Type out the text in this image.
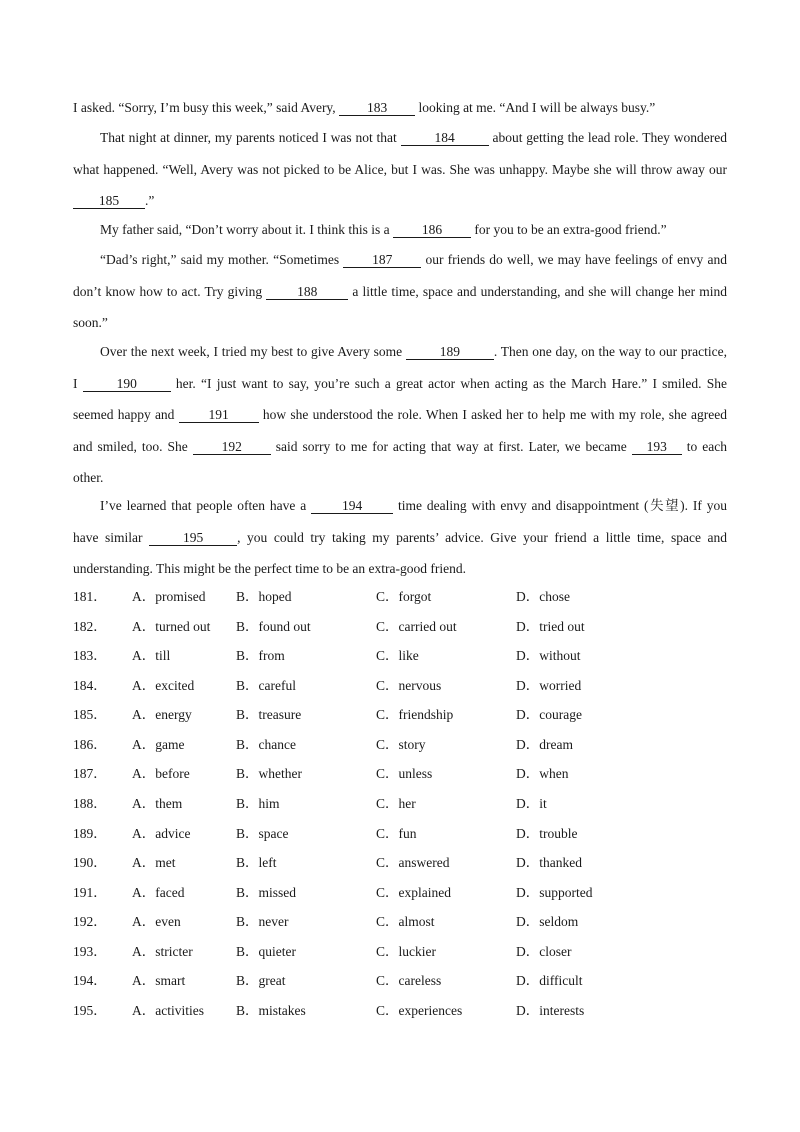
I asked. “Sorry, I’m busy this week,” said Avery, 183 looking at me. “And I will be always busy.”

That night at dinner, my parents noticed I was not that	184	about getting the lead role. They wondered what happened. “Well, Avery was not picked to be Alice, but I was. She was unhappy. Maybe she will throw away our 185 .”

My father said, “Don’t worry about it. I think this is a 186 for you to be an extra-good friend.”

“Dad’s right,” said my mother. “Sometimes 187 our friends do well, we may have feelings of envy and don’t know how to act. Try giving 188 a little time, space and understanding, and she will change her mind soon.”

Over the next week, I tried my best to give Avery some	189	. Then one day, on the way to our practice, I	190	her. “I just want to say, you’re such a great actor when acting as the March Hare.” I smiled. She seemed happy and 191 how she understood the role. When I asked her to help me with my role, she agreed and smiled, too. She 192 said sorry to me for acting that way at first. Later, we became 193 to each other.

I’ve learned that people often have a 194 time dealing with envy and disappointment (失望). If you have similar	195	, you could try taking my parents’ advice. Give your friend a little time, space and understanding. This might be the perfect time to be an extra-good friend.

181． A．promised B．hoped	C．forgot	D．chose
182． A．turned out B．found out	C．carried out	D．tried out
183． A．till	B．from	C．like	D．without
184． A．excited	B．careful	C．nervous	D．worried
185． A．energy	B．treasure	C．friendship	D．courage
186． A．game	B．chance	C．story	D．dream
187． A．before	B．whether	C．unless	D．when
188． A．them	B．him	C．her	D．it
189． A．advice	B．space	C．fun	D．trouble
190． A．met	B．left	C．answered	D．thanked
191． A．faced	B．missed	C．explained	D．supported
192． A．even	B．never	C．almost	D．seldom
193． A．stricter	B．quieter	C．luckier	D．closer
194． A．smart	B．great	C．careless	D．difficult
195． A．activities B．mistakes	C．experiences	D．interests
